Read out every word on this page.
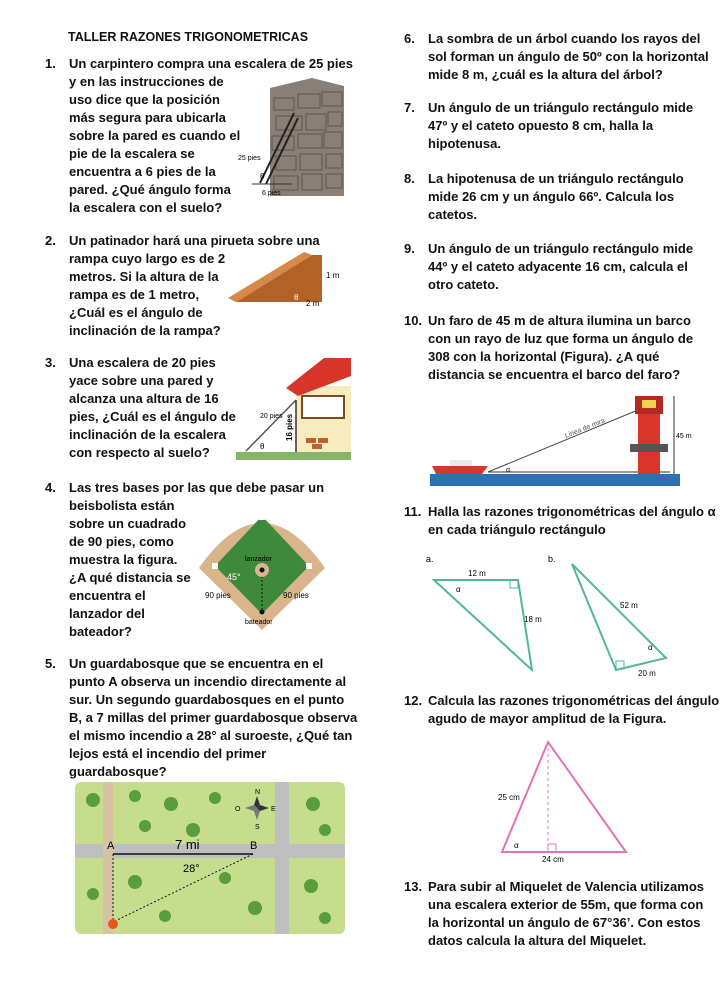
TALLER RAZONES TRIGONOMETRICAS
1. Un carpintero compra una escalera de 25 pies
y en las instrucciones de
uso dice que la posición
más segura para ubicarla
sobre la pared es cuando el
pie de la escalera se
encuentra a 6 pies de la
pared. ¿Qué ángulo forma
la escalera con el suelo?
2. Un patinador hará una pirueta sobre una
rampa cuyo largo es de 2
metros. Si la altura de la
rampa es de 1 metro,
¿Cuál es el ángulo de
inclinación de la rampa?
3. Una escalera de 20 pies
yace sobre una pared y
alcanza una altura de 16
pies, ¿Cuál es el ángulo de
inclinación de la escalera
con respecto al suelo?
4. Las tres bases por las que debe pasar un
beisbolista están
sobre un cuadrado
de 90 pies, como
muestra la figura.
¿A qué distancia se
encuentra el
lanzador del
bateador?
5. Un guardabosque que se encuentra en el
punto A observa un incendio directamente al
sur. Un segundo guardabosques en el punto
B, a 7 millas del primer guardabosque observa
el mismo incendio a 28° al suroeste, ¿Qué tan
lejos está el incendio del primer
guardabosque?
6. La sombra de un árbol cuando los rayos del
sol forman un ángulo de 50º con la horizontal
mide 8 m, ¿cuál es la altura del árbol?
7. Un ángulo de un triángulo rectángulo mide
47º y el cateto opuesto 8 cm, halla la
hipotenusa.
8. La hipotenusa de un triángulo rectángulo
mide 26 cm y un ángulo 66º. Calcula los
catetos.
9. Un ángulo de un triángulo rectángulo mide
44º y el cateto adyacente 16 cm, calcula el
otro cateto.
10. Un faro de 45 m de altura ilumina un barco
con un rayo de luz que forma un ángulo de
308 con la horizontal (Figura). ¿A qué
distancia se encuentra el barco del faro?
11. Halla las razones trigonométricas del ángulo α
en cada triángulo rectángulo
12. Calcula las razones trigonométricas del ángulo
agudo de mayor amplitud de la Figura.
13. Para subir al Miquelet de Valencia utilizamos
una escalera exterior de 55m, que forma con
la horizontal un ángulo de 67°36’. Con estos
datos calcula la altura del Miquelet.
25 pies
6 pies
θ
1 m
2 m
θ
20 pies 16 pies
θ
lanzador
45°
90 pies	90 pies
bateador
N
S
E
O
A	B
7 mi
28°
Linea de mira	45 m
α
a.
12 m
18 m
α
b.
52 m
20 m
α
25 cm
24 cm
α
